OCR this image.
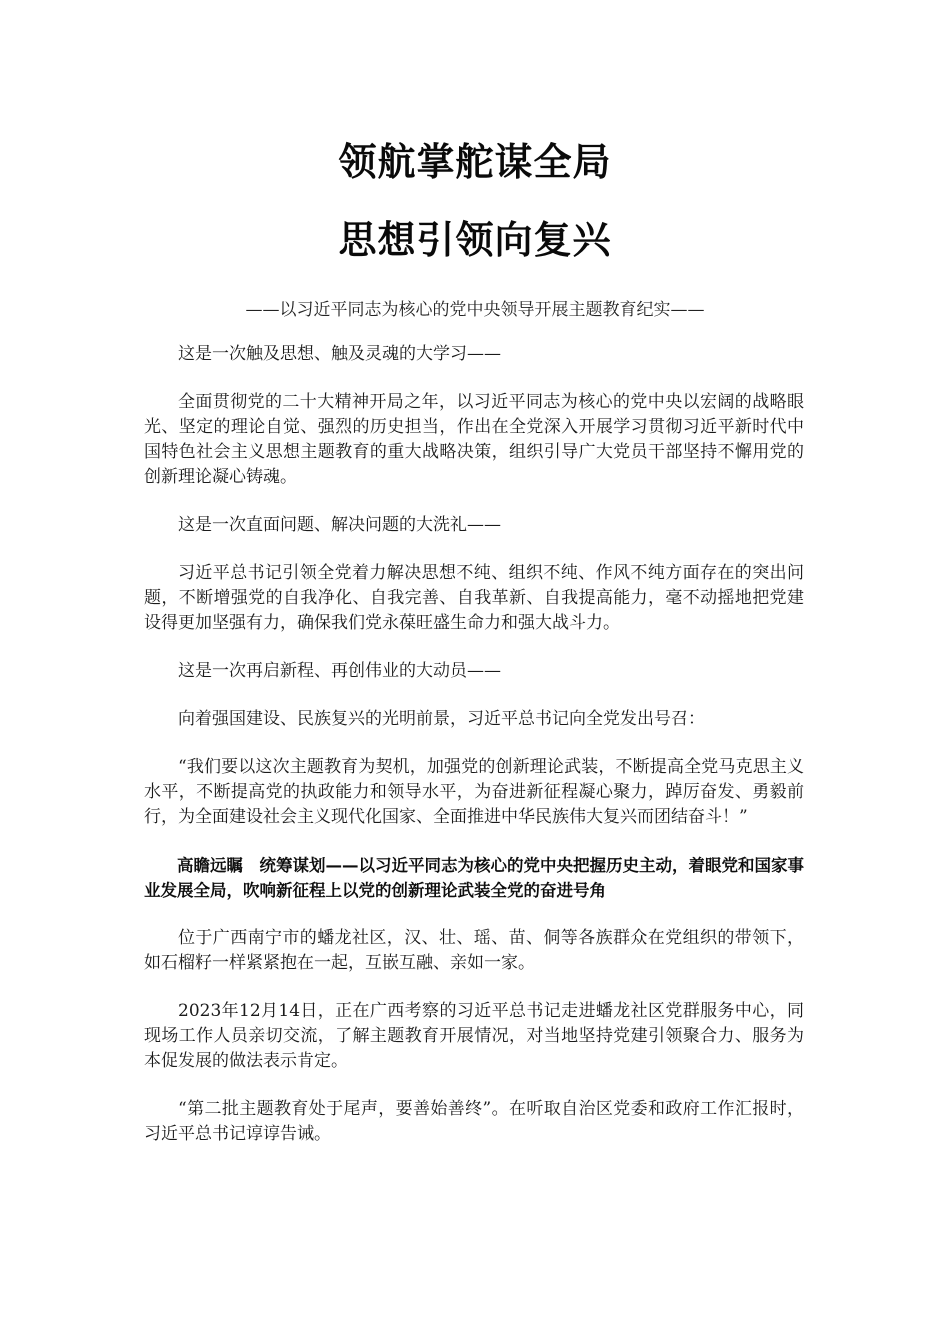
领航掌舵谋全局
思想引领向复兴
——以习近平同志为核心的党中央领导开展主题教育纪实——

这是一次触及思想、触及灵魂的大学习——

全面贯彻党的二十大精神开局之年，以习近平同志为核心的党中央以宏阔的战略眼光、坚定的理论自觉、强烈的历史担当，作出在全党深入开展学习贯彻习近平新时代中国特色社会主义思想主题教育的重大战略决策，组织引导广大党员干部坚持不懈用党的创新理论凝心铸魂。

这是一次直面问题、解决问题的大洗礼——

习近平总书记引领全党着力解决思想不纯、组织不纯、作风不纯方面存在的突出问题，不断增强党的自我净化、自我完善、自我革新、自我提高能力，毫不动摇地把党建设得更加坚强有力，确保我们党永葆旺盛生命力和强大战斗力。

这是一次再启新程、再创伟业的大动员——

向着强国建设、民族复兴的光明前景，习近平总书记向全党发出号召：

“我们要以这次主题教育为契机，加强党的创新理论武装，不断提高全党马克思主义水平，不断提高党的执政能力和领导水平，为奋进新征程凝心聚力，踔厉奋发、勇毅前行，为全面建设社会主义现代化国家、全面推进中华民族伟大复兴而团结奋斗！”

高瞻远瞩　统筹谋划——以习近平同志为核心的党中央把握历史主动，着眼党和国家事业发展全局，吹响新征程上以党的创新理论武装全党的奋进号角

位于广西南宁市的蟠龙社区，汉、壮、瑶、苗、侗等各族群众在党组织的带领下，如石榴籽一样紧紧抱在一起，互嵌互融、亲如一家。

2023年12月14日，正在广西考察的习近平总书记走进蟠龙社区党群服务中心，同现场工作人员亲切交流，了解主题教育开展情况，对当地坚持党建引领聚合力、服务为本促发展的做法表示肯定。

“第二批主题教育处于尾声，要善始善终”。在听取自治区党委和政府工作汇报时，习近平总书记谆谆告诫。
